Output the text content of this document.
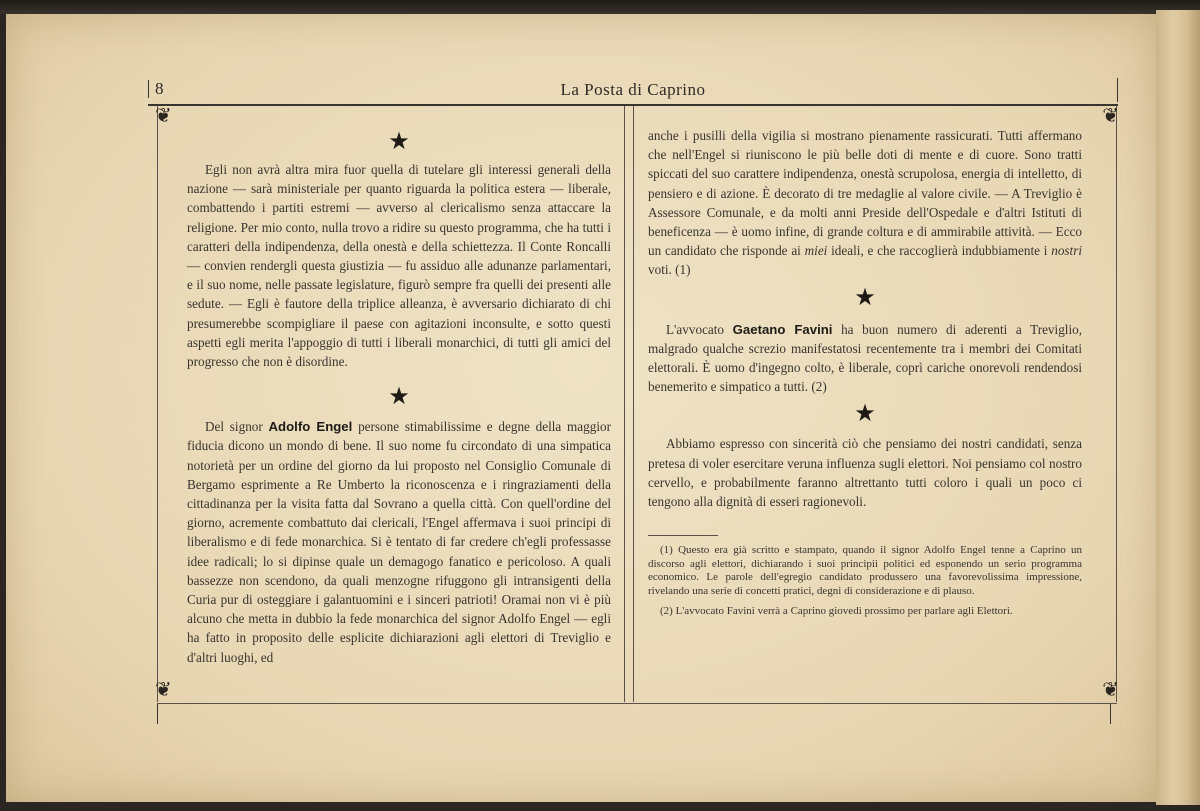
8	La Posta di Caprino
❦	❦
❦	❦

★

Egli non avrà altra mira fuor quella di tutelare gli interessi generali della nazione — sarà ministeriale per quanto riguarda la politica estera — liberale, combattendo i partiti estremi — avverso al clericalismo senza attaccare la religione. Per mio conto, nulla trovo a ridire su questo programma, che ha tutti i caratteri della indipendenza, della onestà e della schiettezza. Il Conte Roncalli — convien rendergli questa giustizia — fu assiduo alle adunanze parlamentari, e il suo nome, nelle passate legislature, figurò sempre fra quelli dei presenti alle sedute. — Egli è fautore della triplice alleanza, è avversario dichiarato di chi presumerebbe scompigliare il paese con agitazioni inconsulte, e sotto questi aspetti egli merita l'appoggio di tutti i liberali monarchici, di tutti gli amici del progresso che non è disordine.

★

Del signor Adolfo Engel persone stimabilissime e degne della maggior fiducia dicono un mondo di bene. Il suo nome fu circondato di una simpatica notorietà per un ordine del giorno da lui proposto nel Consiglio Comunale di Bergamo esprimente a Re Umberto la riconoscenza e i ringraziamenti della cittadinanza per la visita fatta dal Sovrano a quella città. Con quell'ordine del giorno, acremente combattuto dai clericali, l'Engel affermava i suoi principi di liberalismo e di fede monarchica. Si è tentato di far credere ch'egli professasse idee radicali; lo si dipinse quale un demagogo fanatico e pericoloso. A quali bassezze non scendono, da quali menzogne rifuggono gli intransigenti della Curia pur di osteggiare i galantuomini e i sinceri patrioti! Oramai non vi è più alcuno che metta in dubbio la fede monarchica del signor Adolfo Engel — egli ha fatto in proposito delle esplicite dichiarazioni agli elettori di Treviglio e d'altri luoghi, ed

anche i pusilli della vigilia si mostrano pienamente rassicurati. Tutti affermano che nell'Engel si riuniscono le più belle doti di mente e di cuore. Sono tratti spiccati del suo carattere indipendenza, onestà scrupolosa, energia di intelletto, di pensiero e di azione. È decorato di tre medaglie al valore civile. — A Treviglio è Assessore Comunale, e da molti anni Preside dell'Ospedale e d'altri Istituti di beneficenza — è uomo infine, di grande coltura e di ammirabile attività. — Ecco un candidato che risponde ai miei ideali, e che raccoglierà indubbiamente i nostri voti. (1)

★

L'avvocato Gaetano Favini ha buon numero di aderenti a Treviglio, malgrado qualche screzio manifestatosi recentemente tra i membri dei Comitati elettorali. È uomo d'ingegno colto, è liberale, coprì cariche onorevoli rendendosi benemerito e simpatico a tutti. (2)

★

Abbiamo espresso con sincerità ciò che pensiamo dei nostri candidati, senza pretesa di voler esercitare veruna influenza sugli elettori. Noi pensiamo col nostro cervello, e probabilmente faranno altrettanto tutti coloro i quali un poco ci tengono alla dignità di esseri ragionevoli.

(1) Questo era già scritto e stampato, quando il signor Adolfo Engel tenne a Caprino un discorso agli elettori, dichiarando i suoi principii politici ed esponendo un serio programma economico. Le parole dell'egregio candidato produssero una favorevolissima impressione, rivelando una serie di concetti pratici, degni di considerazione e di plauso.

(2) L'avvocato Favini verrà a Caprino giovedì prossimo per parlare agli Elettori.
